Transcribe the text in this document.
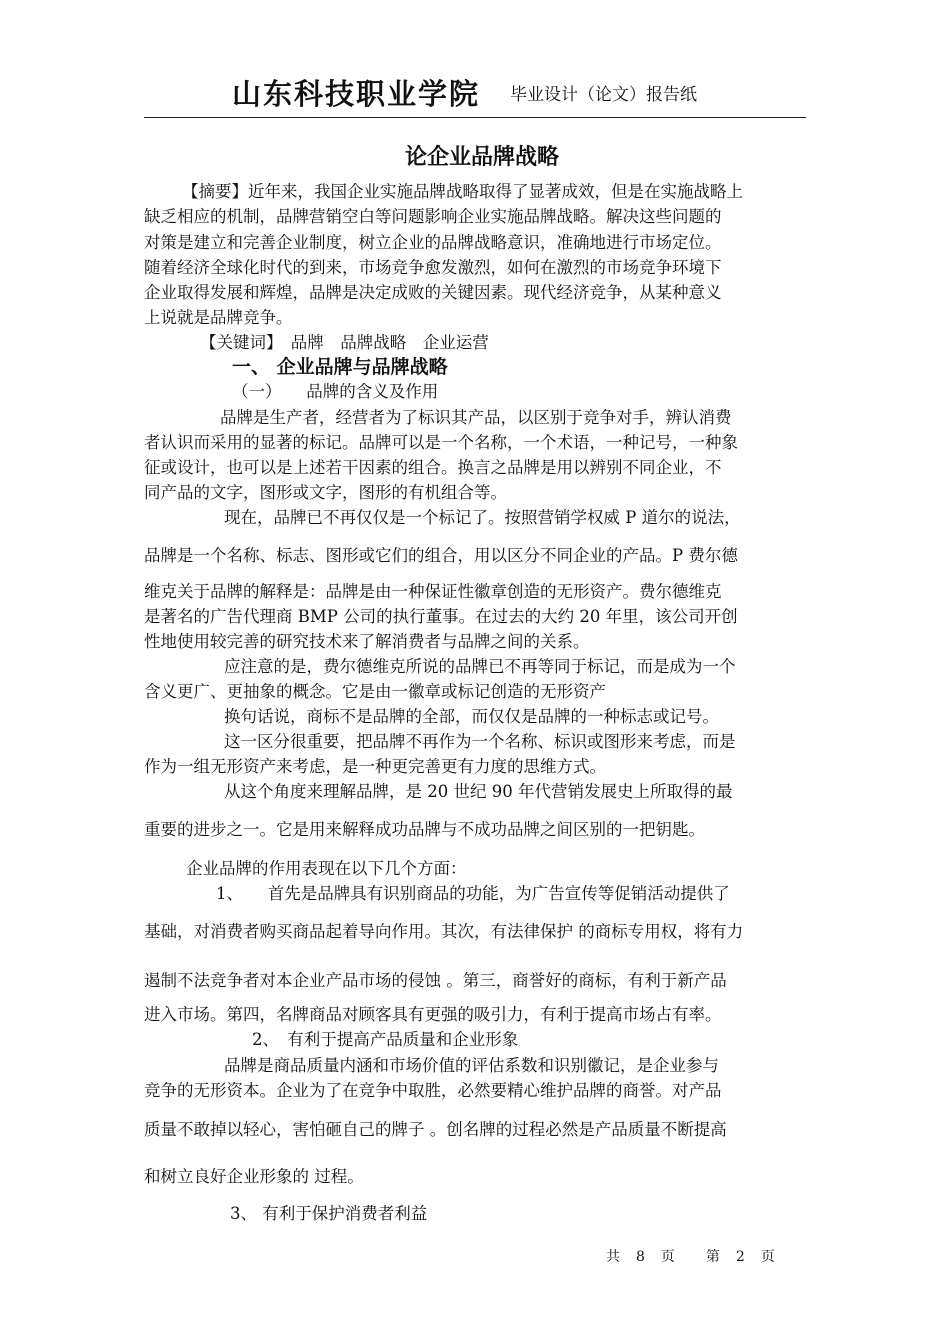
山东科技职业学院 毕业设计（论文）报告纸
论企业品牌战略
【摘要】近年来，我国企业实施品牌战略取得了显著成效，但是在实施战略上
缺乏相应的机制，品牌营销空白等问题影响企业实施品牌战略。解决这些问题的
对策是建立和完善企业制度，树立企业的品牌战略意识，准确地进行市场定位。
随着经济全球化时代的到来，市场竞争愈发激烈，如何在激烈的市场竞争环境下
企业取得发展和辉煌，品牌是决定成败的关键因素。现代经济竞争，从某种意义
上说就是品牌竞争。
【关键词】　品牌　品牌战略　企业运营
一、 企业品牌与品牌战略
（一）　　品牌的含义及作用
品牌是生产者，经营者为了标识其产品，以区别于竞争对手，辨认消费
者认识而采用的显著的标记。品牌可以是一个名称，一个术语，一种记号，一种象
征或设计，也可以是上述若干因素的组合。换言之品牌是用以辨别不同企业，不
同产品的文字，图形或文字，图形的有机组合等。
现在，品牌已不再仅仅是一个标记了。按照营销学权威 P 道尔的说法，
品牌是一个名称、标志、图形或它们的组合，用以区分不同企业的产品。P 费尔德
维克关于品牌的解释是：品牌是由一种保证性徽章创造的无形资产。费尔德维克
是著名的广告代理商 BMP 公司的执行董事。在过去的大约 20 年里，该公司开创
性地使用较完善的研究技术来了解消费者与品牌之间的关系。
应注意的是，费尔德维克所说的品牌已不再等同于标记，而是成为一个
含义更广、更抽象的概念。它是由一徽章或标记创造的无形资产
换句话说，商标不是品牌的全部，而仅仅是品牌的一种标志或记号。
这一区分很重要，把品牌不再作为一个名称、标识或图形来考虑，而是
作为一组无形资产来考虑，是一种更完善更有力度的思维方式。
从这个角度来理解品牌，是 20 世纪 90 年代营销发展史上所取得的最
重要的进步之一。它是用来解释成功品牌与不成功品牌之间区别的一把钥匙。
企业品牌的作用表现在以下几个方面：
1、　　首先是品牌具有识别商品的功能，为广告宣传等促销活动提供了
基础，对消费者购买商品起着导向作用。其次，有法律保护 的商标专用权，将有力
遏制不法竞争者对本企业产品市场的侵蚀 。第三，商誉好的商标，有利于新产品
进入市场。第四，名牌商品对顾客具有更强的吸引力，有利于提高市场占有率。
2、　有利于提高产品质量和企业形象
品牌是商品质量内涵和市场价值的评估系数和识别徽记，是企业参与
竞争的无形资本。企业为了在竞争中取胜，必然要精心维护品牌的商誉。对产品
质量不敢掉以轻心，害怕砸自己的牌子 。创名牌的过程必然是产品质量不断提高
和树立良好企业形象的 过程。
3、 有利于保护消费者利益
共　8　页　　第　2　页
